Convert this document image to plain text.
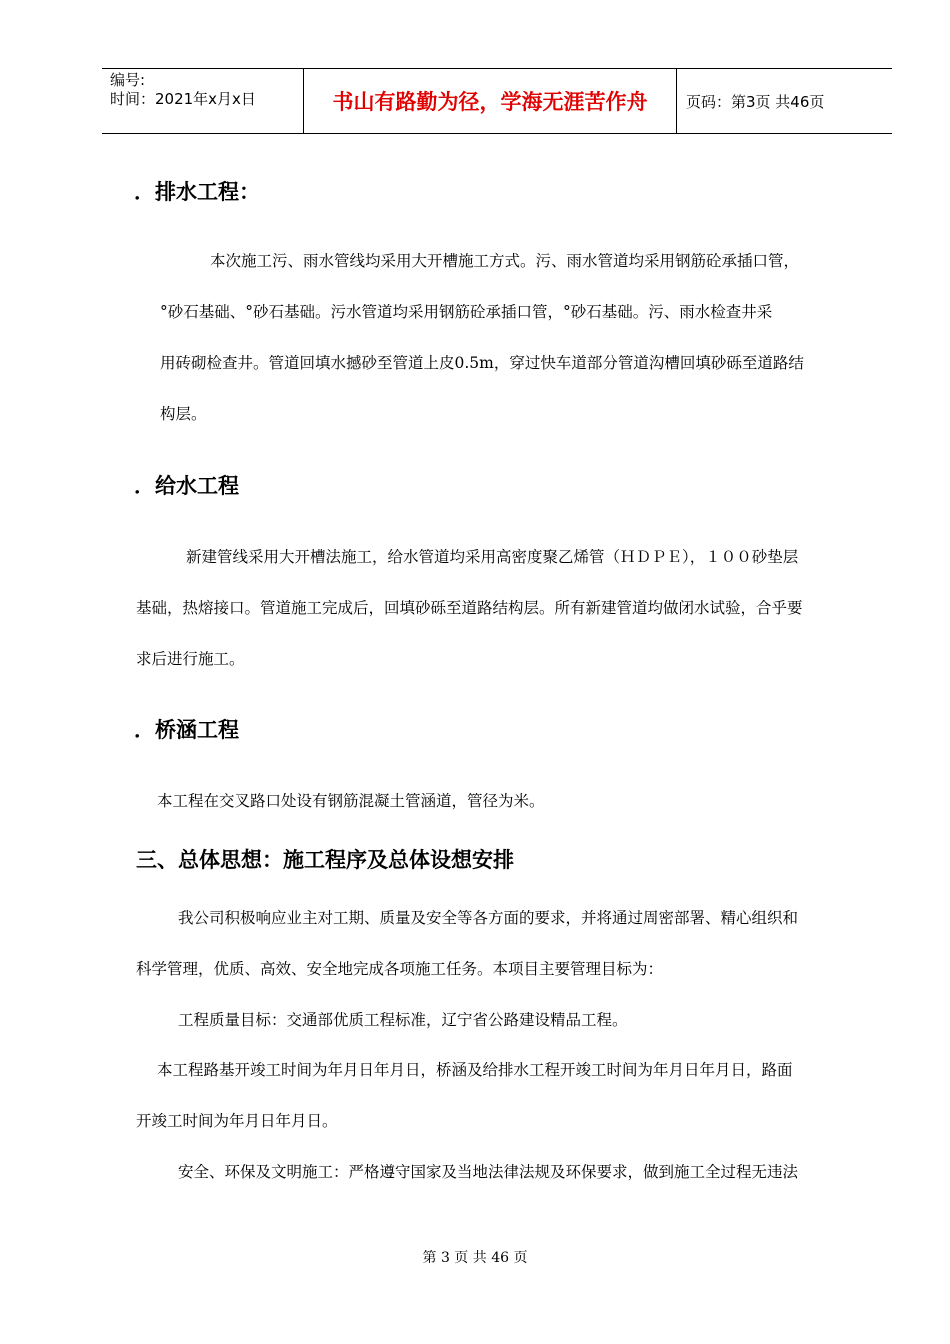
编号:
时间：2021年x月x日	书山有路勤为径，学海无涯苦作舟	页码：第3页 共46页
．排水工程：
本次施工污、雨水管线均采用大开槽施工方式。污、雨水管道均采用钢筋砼承插口管，
°砂石基础、°砂石基础。污水管道均采用钢筋砼承插口管，°砂石基础。污、雨水检查井采
用砖砌检查井。管道回填水撼砂至管道上皮0.5m，穿过快车道部分管道沟槽回填砂砾至道路结
构层。
．给水工程
新建管线采用大开槽法施工，给水管道均采用高密度聚乙烯管（ＨＤＰＥ），１００砂垫层
基础，热熔接口。管道施工完成后，回填砂砾至道路结构层。所有新建管道均做闭水试验，合乎要
求后进行施工。
．桥涵工程
本工程在交叉路口处设有钢筋混凝土管涵道，管径为米。
三、总体思想：施工程序及总体设想安排
我公司积极响应业主对工期、质量及安全等各方面的要求，并将通过周密部署、精心组织和
科学管理，优质、高效、安全地完成各项施工任务。本项目主要管理目标为：
工程质量目标：交通部优质工程标准，辽宁省公路建设精品工程。
本工程路基开竣工时间为年月日年月日，桥涵及给排水工程开竣工时间为年月日年月日，路面
开竣工时间为年月日年月日。
安全、环保及文明施工：严格遵守国家及当地法律法规及环保要求，做到施工全过程无违法
第 3 页 共 46 页
